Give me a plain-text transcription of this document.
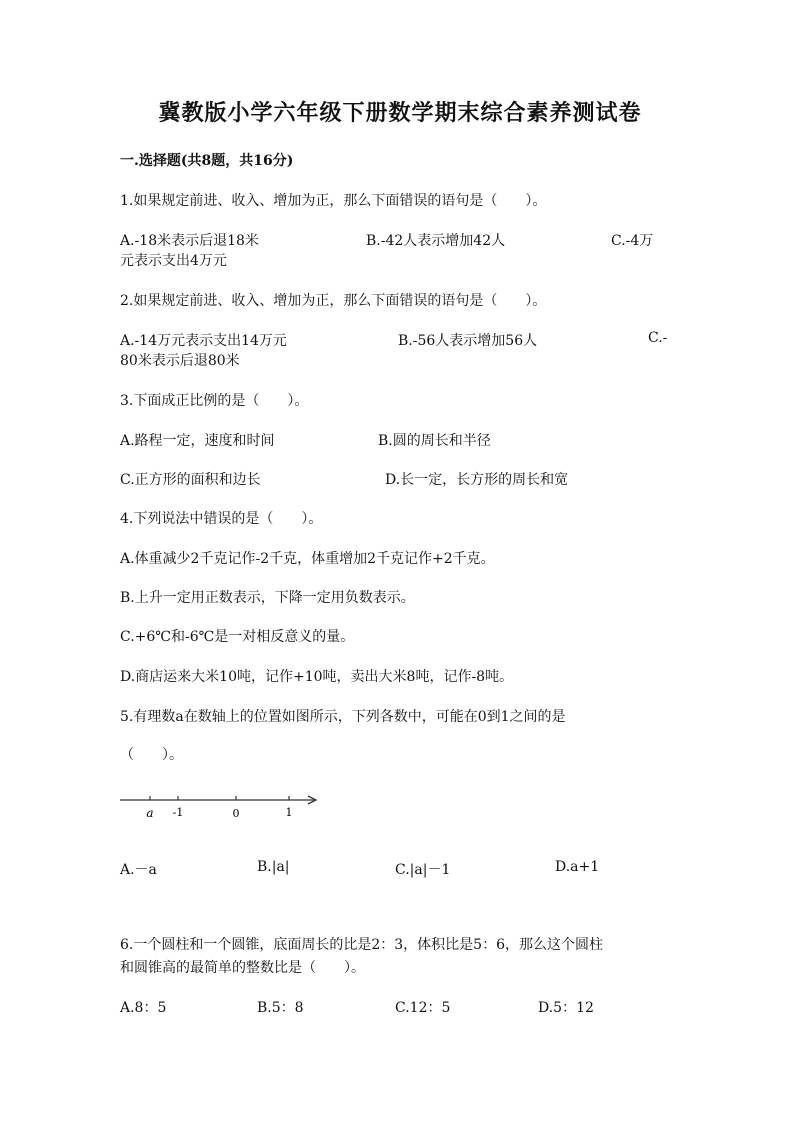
冀教版小学六年级下册数学期末综合素养测试卷
一.选择题(共8题，共16分)
1.如果规定前进、收入、增加为正，那么下面错误的语句是（　　）。
A.-18米表示后退18米	B.-42人表示增加42人	C.-4万
元表示支出4万元
2.如果规定前进、收入、增加为正，那么下面错误的语句是（　　）。
A.-14万元表示支出14万元	B.-56人表示增加56人	C.-
80米表示后退80米
3.下面成正比例的是（　　）。
A.路程一定，速度和时间	B.圆的周长和半径
C.正方形的面积和边长	D.长一定，长方形的周长和宽
4.下列说法中错误的是（　　）。
A.体重减少2千克记作-2千克，体重增加2千克记作+2千克。
B.上升一定用正数表示，下降一定用负数表示。
C.+6℃和-6℃是一对相反意义的量。
D.商店运来大米10吨，记作+10吨，卖出大米8吨，记作-8吨。
5.有理数a在数轴上的位置如图所示，下列各数中，可能在0到1之间的是
（　　）。
a -1	0	1
A.－a	B.|a|	C.|a|－1	D.a+1
6.一个圆柱和一个圆锥，底面周长的比是2：3，体积比是5：6，那么这个圆柱
和圆锥高的最简单的整数比是（　　）。
A.8：5	B.5：8	C.12：5	D.5：12
